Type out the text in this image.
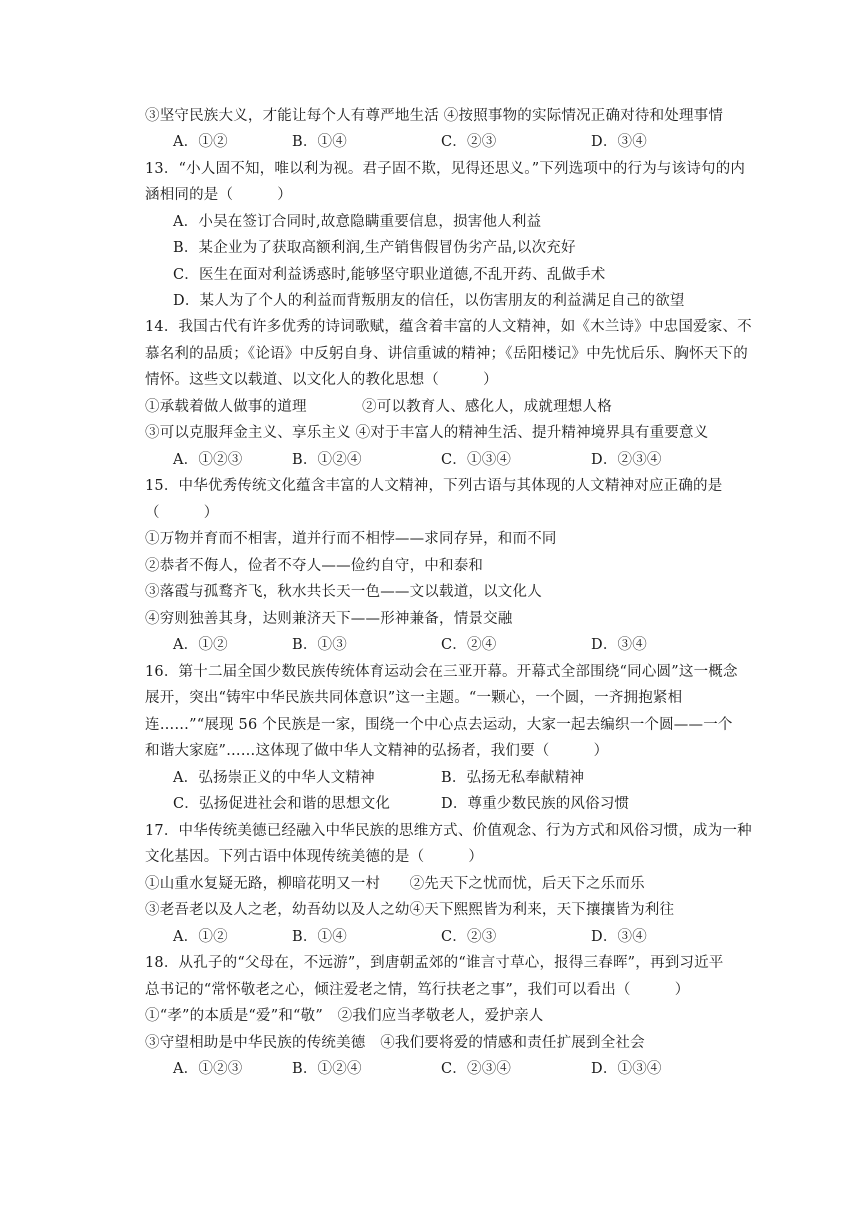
③坚守民族大义，才能让每个人有尊严地生活 ④按照事物的实际情况正确对待和处理事情
A．①②	B．①④	C．②③	D．③④
13．“小人固不知，唯以利为视。君子固不欺，见得还思义。”下列选项中的行为与该诗句的内
涵相同的是（　　　）
A．小吴在签订合同时,故意隐瞒重要信息，损害他人利益
B．某企业为了获取高额利润,生产销售假冒伪劣产品,以次充好
C．医生在面对利益诱惑时,能够坚守职业道德,不乱开药、乱做手术
D．某人为了个人的利益而背叛朋友的信任，以伤害朋友的利益满足自己的欲望
14．我国古代有许多优秀的诗词歌赋，蕴含着丰富的人文精神，如《木兰诗》中忠国爱家、不
慕名利的品质；《论语》中反躬自身、讲信重诚的精神；《岳阳楼记》中先忧后乐、胸怀天下的
情怀。这些文以载道、以文化人的教化思想（　　　）
①承载着做人做事的道理	②可以教育人、感化人，成就理想人格
③可以克服拜金主义、享乐主义 ④对于丰富人的精神生活、提升精神境界具有重要意义
A．①②③	B．①②④	C．①③④	D．②③④
15．中华优秀传统文化蕴含丰富的人文精神，下列古语与其体现的人文精神对应正确的是
（　　　）
①万物并育而不相害，道并行而不相悖——求同存异，和而不同
②恭者不侮人，俭者不夺人——俭约自守，中和泰和
③落霞与孤鹜齐飞，秋水共长天一色——文以载道，以文化人
④穷则独善其身，达则兼济天下——形神兼备，情景交融
A．①②	B．①③	C．②④	D．③④
16．第十二届全国少数民族传统体育运动会在三亚开幕。开幕式全部围绕“同心圆”这一概念
展开，突出“铸牢中华民族共同体意识”这一主题。“一颗心，一个圆，一齐拥抱紧相
连……”“展现 56 个民族是一家，围绕一个中心点去运动，大家一起去编织一个圆——一个
和谐大家庭”……这体现了做中华人文精神的弘扬者，我们要（　　　）
A．弘扬崇正义的中华人文精神	B．弘扬无私奉献精神
C．弘扬促进社会和谐的思想文化	D．尊重少数民族的风俗习惯
17．中华传统美德已经融入中华民族的思维方式、价值观念、行为方式和风俗习惯，成为一种
文化基因。下列古语中体现传统美德的是（　　　）
①山重水复疑无路，柳暗花明又一村　　②先天下之忧而忧，后天下之乐而乐
③老吾老以及人之老，幼吾幼以及人之幼④天下熙熙皆为利来，天下攘攘皆为利往
A．①②	B．①④	C．②③	D．③④
18．从孔子的“父母在，不远游”，到唐朝孟郊的“谁言寸草心，报得三春晖”，再到习近平
总书记的“常怀敬老之心，倾注爱老之情，笃行扶老之事”，我们可以看出（　　　）
①“孝”的本质是“爱”和“敬”　②我们应当孝敬老人，爱护亲人
③守望相助是中华民族的传统美德　④我们要将爱的情感和责任扩展到全社会
A．①②③	B．①②④	C．②③④	D．①③④
